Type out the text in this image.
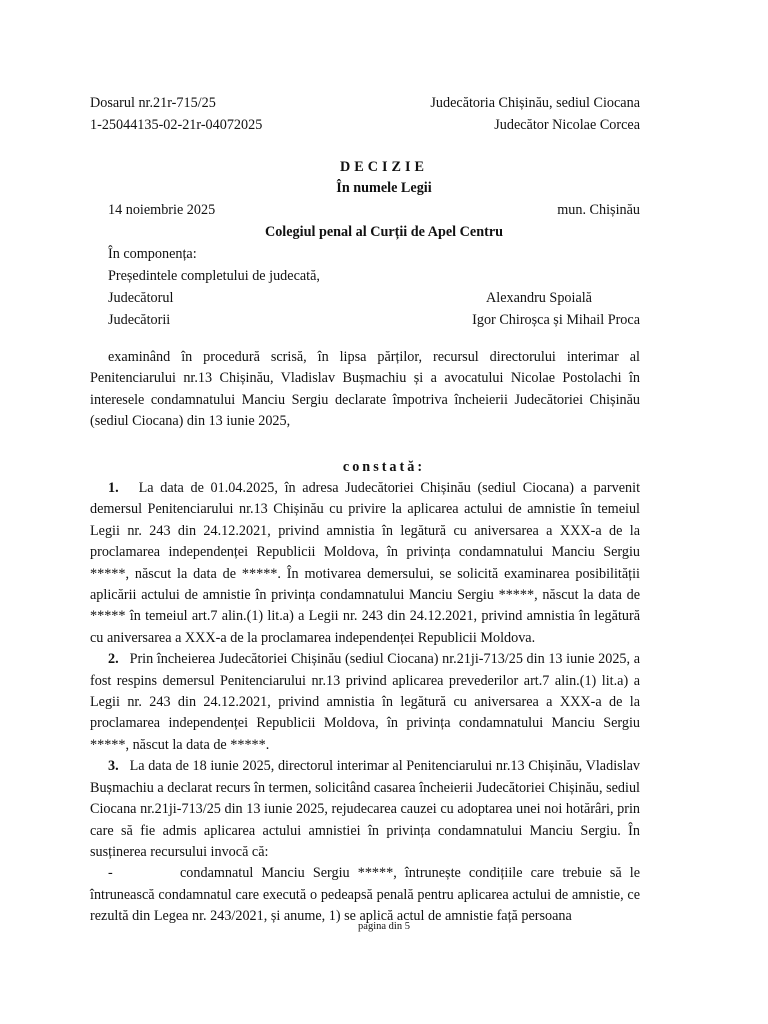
Dosarul nr.21r-715/25
1-25044135-02-21r-04072025
Judecătoria Chișinău, sediul Ciocana
Judecător Nicolae Corcea
DECIZIE
În numele Legii
14 noiembrie 2025	mun. Chișinău
Colegiul penal al Curții de Apel Centru
În componența:
Președintele completului de judecată,
Judecătorul	Alexandru Spoială
Judecătorii	Igor Chiroșca și Mihail Proca

examinând în procedură scrisă, în lipsa părților, recursul directorului interimar al Penitenciarului nr.13 Chișinău, Vladislav Bușmachiu și a avocatului Nicolae Postolachi în interesele condamnatului Manciu Sergiu declarate împotriva încheierii Judecătoriei Chișinău (sediul Ciocana) din 13 iunie 2025,

constată:

1. La data de 01.04.2025, în adresa Judecătoriei Chișinău (sediul Ciocana) a parvenit demersul Penitenciarului nr.13 Chișinău cu privire la aplicarea actului de amnistie în temeiul Legii nr. 243 din 24.12.2021, privind amnistia în legătură cu aniversarea a XXX-a de la proclamarea independenței Republicii Moldova, în privința condamnatului Manciu Sergiu *****, născut la data de *****. În motivarea demersului, se solicită examinarea posibilității aplicării actului de amnistie în privința condamnatului Manciu Sergiu *****, născut la data de ***** în temeiul art.7 alin.(1) lit.a) a Legii nr. 243 din 24.12.2021, privind amnistia în legătură cu aniversarea a XXX-a de la proclamarea independenței Republicii Moldova.

2. Prin încheierea Judecătoriei Chișinău (sediul Ciocana) nr.21ji-713/25 din 13 iunie 2025, a fost respins demersul Penitenciarului nr.13 privind aplicarea prevederilor art.7 alin.(1) lit.a) a Legii nr. 243 din 24.12.2021, privind amnistia în legătură cu aniversarea a XXX-a de la proclamarea independenței Republicii Moldova, în privința condamnatului Manciu Sergiu *****, născut la data de *****.

3. La data de 18 iunie 2025, directorul interimar al Penitenciarului nr.13 Chișinău, Vladislav Bușmachiu a declarat recurs în termen, solicitând casarea încheierii Judecătoriei Chișinău, sediul Ciocana nr.21ji-713/25 din 13 iunie 2025, rejudecarea cauzei cu adoptarea unei noi hotărâri, prin care să fie admis aplicarea actului amnistiei în privința condamnatului Manciu Sergiu. În susținerea recursului invocă că:

-	condamnatul Manciu Sergiu *****, întrunește condițiile care trebuie să le întrunească condamnatul care execută o pedeapsă penală pentru aplicarea actului de amnistie, ce rezultă din Legea nr. 243/2021, și anume, 1) se aplică actul de amnistie față persoana
pagina din 5
